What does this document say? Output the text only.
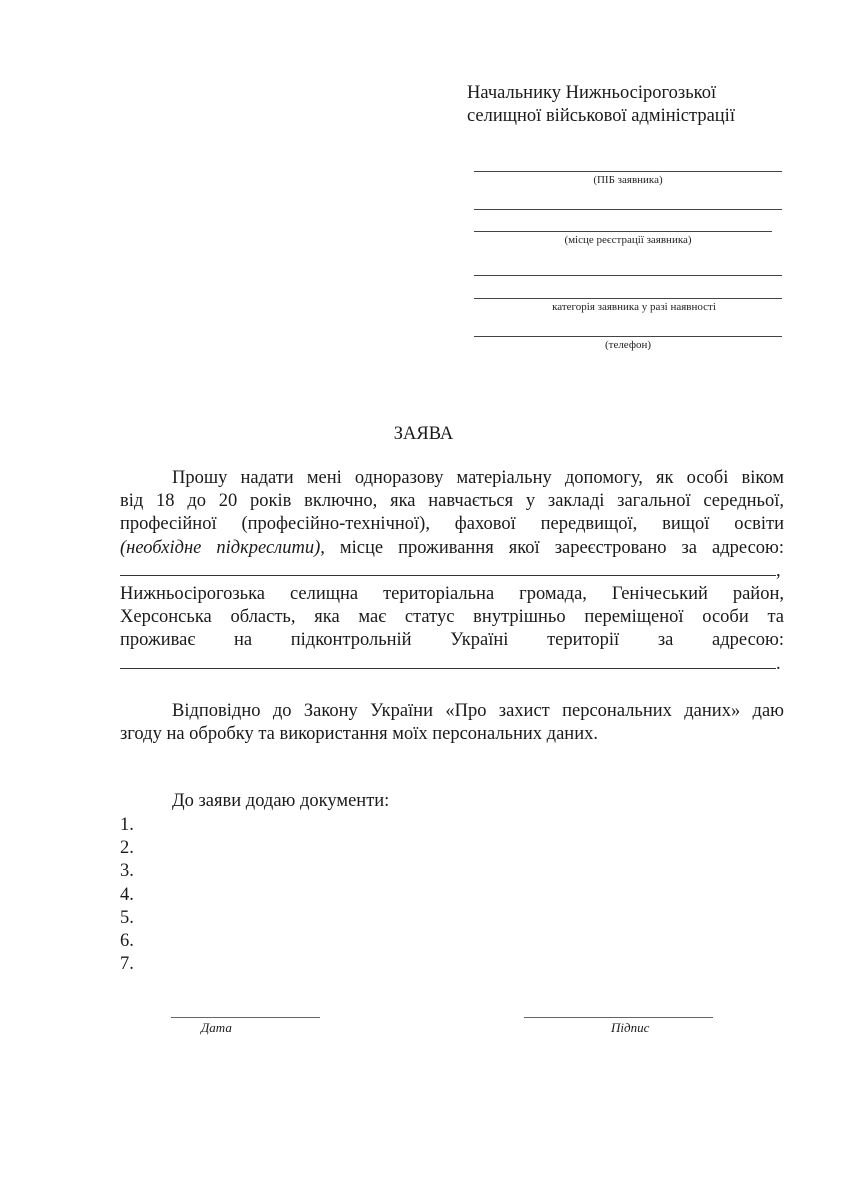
Начальнику Нижньосірогозької
селищної військової адміністрації
(ПІБ заявника)
(місце реєстрації заявника)
категорія заявника у разі наявності
(телефон)
ЗАЯВА
Прошу надати мені одноразову матеріальну допомогу, як особі віком
від 18 до 20 років включно, яка навчається у закладі загальної середньої,
професійної (професійно-технічної), фахової передвищої, вищої освіти
(необхідне підкреслити), місце проживання якої зареєстровано за адресою:
,
Нижньосірогозька селищна територіальна громада, Генічеський район,
Херсонська область, яка має статус внутрішньо переміщеної особи та
проживає на підконтрольній Україні території за адресою:
.
Відповідно до Закону України «Про захист персональних даних» даю
згоду на обробку та використання моїх персональних даних.
До заяви додаю документи:
1.
2.
3.
4.
5.
6.
7.
Дата	Підпис
